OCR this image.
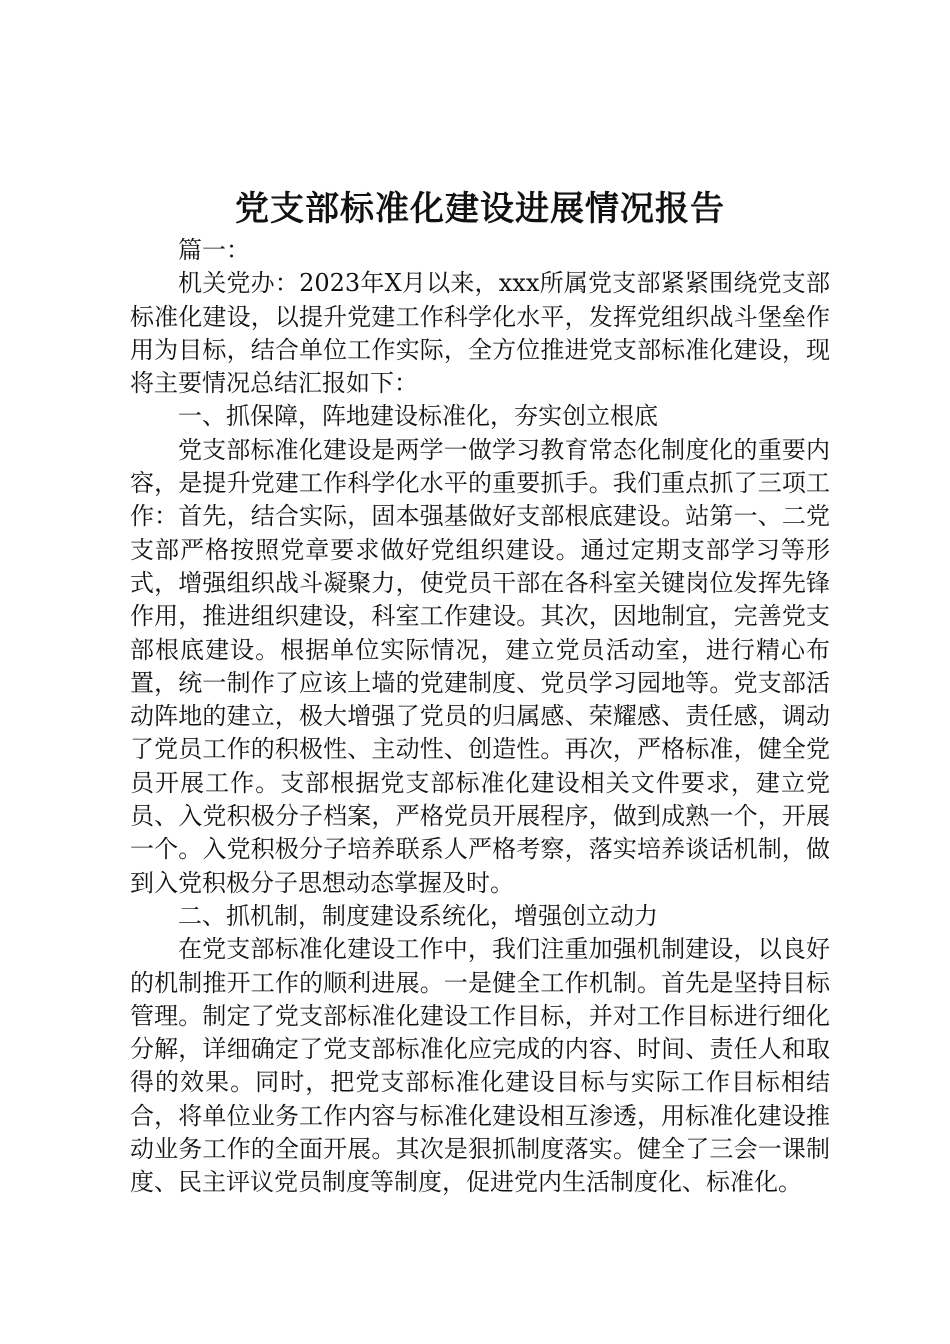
党支部标准化建设进展情况报告

篇一：

机关党办：2023年X月以来，xxx所属党支部紧紧围绕党支部标准化建设，以提升党建工作科学化水平，发挥党组织战斗堡垒作用为目标，结合单位工作实际，全方位推进党支部标准化建设，现将主要情况总结汇报如下：

一、抓保障，阵地建设标准化，夯实创立根底

党支部标准化建设是两学一做学习教育常态化制度化的重要内容，是提升党建工作科学化水平的重要抓手。我们重点抓了三项工作：首先，结合实际，固本强基做好支部根底建设。站第一、二党支部严格按照党章要求做好党组织建设。通过定期支部学习等形式，增强组织战斗凝聚力，使党员干部在各科室关键岗位发挥先锋作用，推进组织建设，科室工作建设。其次，因地制宜，完善党支部根底建设。根据单位实际情况，建立党员活动室，进行精心布置，统一制作了应该上墙的党建制度、党员学习园地等。党支部活动阵地的建立，极大增强了党员的归属感、荣耀感、责任感，调动了党员工作的积极性、主动性、创造性。再次，严格标准，健全党员开展工作。支部根据党支部标准化建设相关文件要求，建立党员、入党积极分子档案，严格党员开展程序，做到成熟一个，开展一个。入党积极分子培养联系人严格考察，落实培养谈话机制，做到入党积极分子思想动态掌握及时。

二、抓机制，制度建设系统化，增强创立动力

在党支部标准化建设工作中，我们注重加强机制建设，以良好的机制推开工作的顺利进展。一是健全工作机制。首先是坚持目标管理。制定了党支部标准化建设工作目标，并对工作目标进行细化分解，详细确定了党支部标准化应完成的内容、时间、责任人和取得的效果。同时，把党支部标准化建设目标与实际工作目标相结合，将单位业务工作内容与标准化建设相互渗透，用标准化建设推动业务工作的全面开展。其次是狠抓制度落实。健全了三会一课制度、民主评议党员制度等制度，促进党内生活制度化、标准化。
